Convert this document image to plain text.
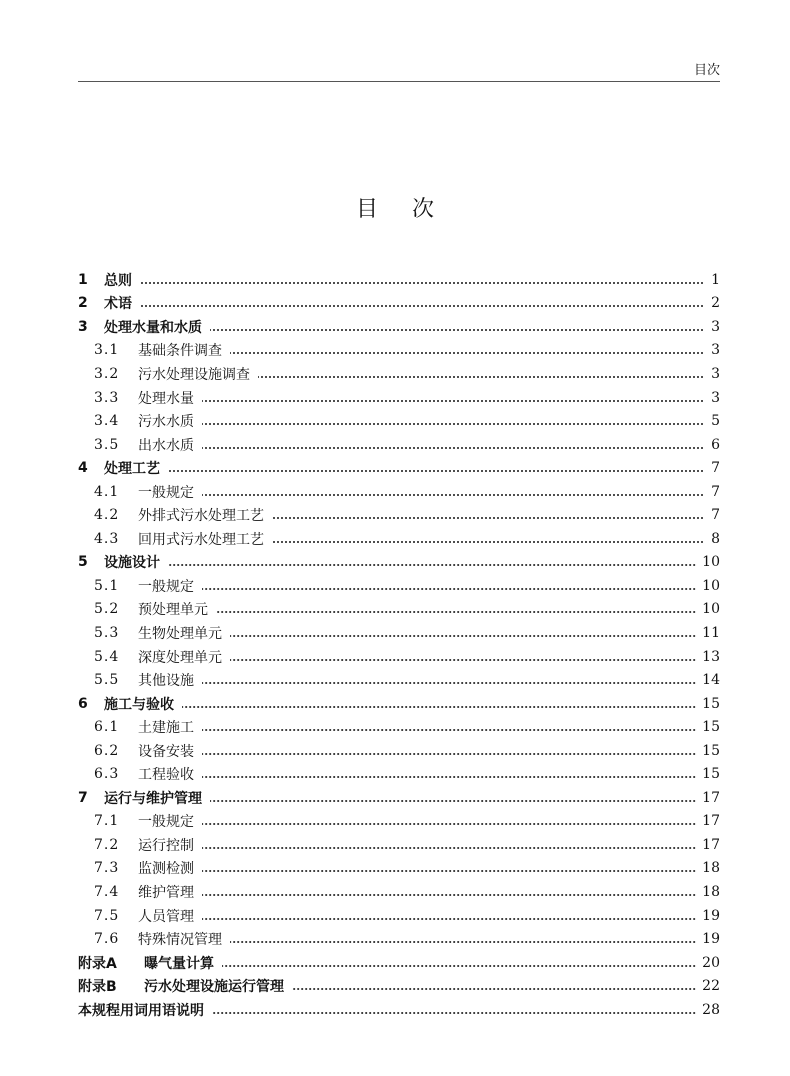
目次
目次
1	总则	1
2	术语	2
3	处理水量和水质	3
3.1	基础条件调查	3
3.2	污水处理设施调查	3
3.3	处理水量	3
3.4	污水水质	5
3.5	出水水质	6
4	处理工艺	7
4.1	一般规定	7
4.2	外排式污水处理工艺	7
4.3	回用式污水处理工艺	8
5	设施设计	10
5.1	一般规定	10
5.2	预处理单元	10
5.3	生物处理单元	11
5.4	深度处理单元	13
5.5	其他设施	14
6	施工与验收	15
6.1	土建施工	15
6.2	设备安装	15
6.3	工程验收	15
7	运行与维护管理	17
7.1	一般规定	17
7.2	运行控制	17
7.3	监测检测	18
7.4	维护管理	18
7.5	人员管理	19
7.6	特殊情况管理	19
附录A	曝气量计算	20
附录B	污水处理设施运行管理	22
本规程用词用语说明	28
